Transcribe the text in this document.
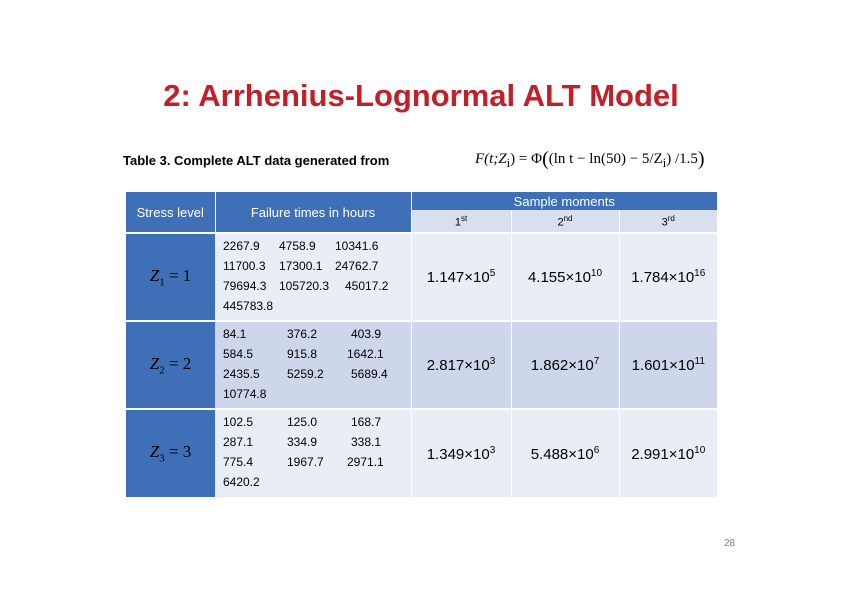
2: Arrhenius-Lognormal ALT Model
Table 3. Complete ALT data generated from	$F(t;Z_i) = \Phi((\ln$ $t - \ln(50) - 5/Z_i$) /1.5)
Stress level	Failure times in hours	Sample moments		
		1st	2nd	3rd
$Z_1 = 1$	2267.9 4758.9 10341.6
11700.3 17300.1 24762.7
79694.3 105720.3 45017.2
445783.8	$1.147\times 10^5$	$4.155\times 10^{10}$	$1.784\times 10^{16}$
$Z_2 = 2$	84.1 376.2 403.9
584.5 915.8 1642.1
2435.5 5259.2 5689.4
10774.8	$2.817\times 10^3$	$1.862\times 10^7$	$1.601\times 10^{11}$
$Z_3 = 3$	102.5 125.0 168.7
287.1 334.9 338.1
775.4 1967.7 2971.1
6420.2	$1.349\times 10^3$	$5.488\times 10^6$	$2.991\times 10^{10}$
28
